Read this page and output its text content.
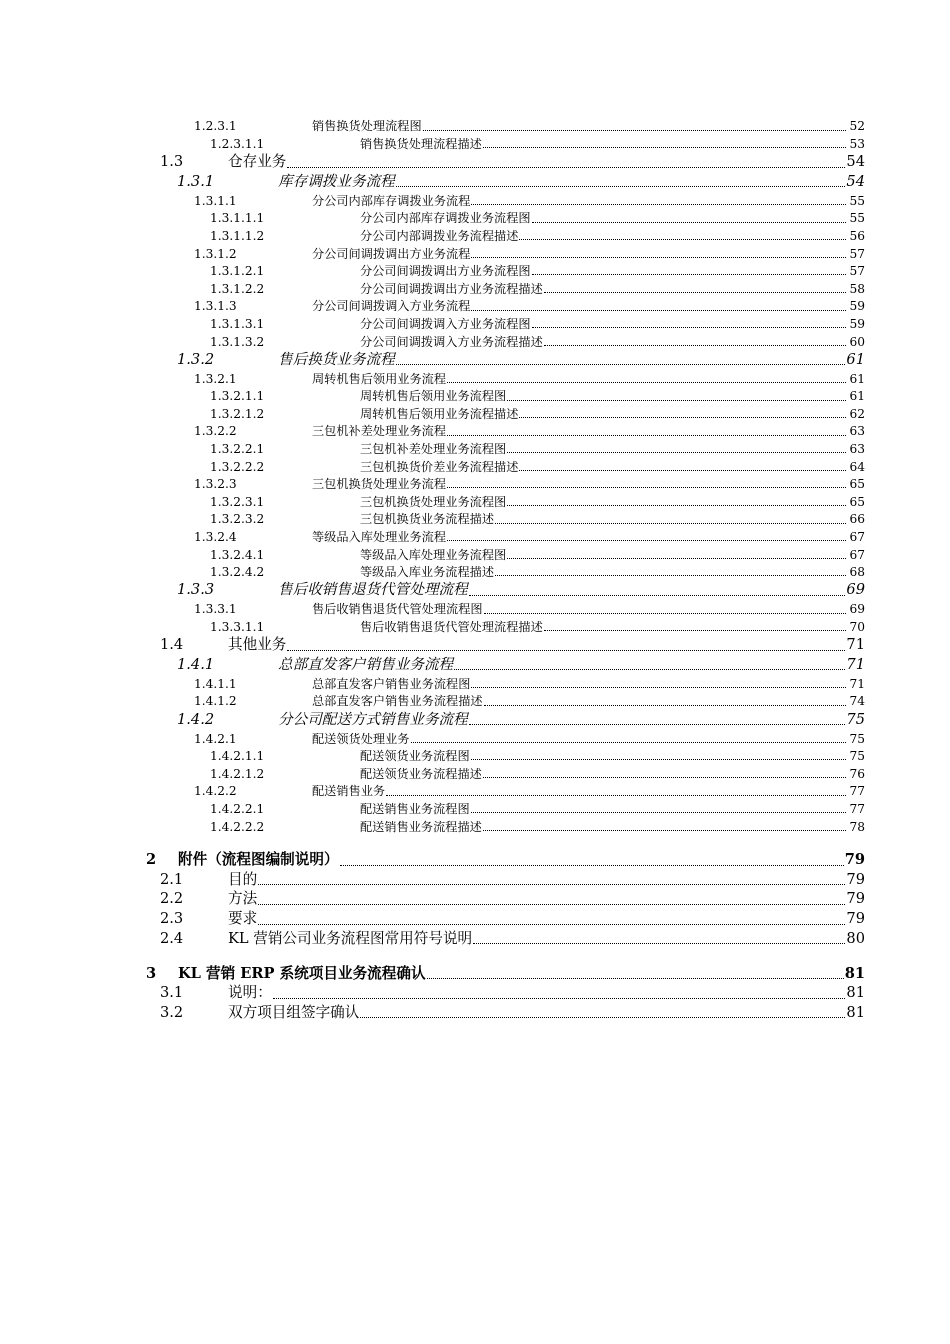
1.2.3.1	销售换货处理流程图	52
1.2.3.1.1	销售换货处理流程描述	53
1.3	仓存业务	54
1.3.1	库存调拨业务流程	54
1.3.1.1	分公司内部库存调拨业务流程	55
1.3.1.1.1	分公司内部库存调拨业务流程图	55
1.3.1.1.2	分公司内部调拨业务流程描述	56
1.3.1.2	分公司间调拨调出方业务流程	57
1.3.1.2.1	分公司间调拨调出方业务流程图	57
1.3.1.2.2	分公司间调拨调出方业务流程描述	58
1.3.1.3	分公司间调拨调入方业务流程	59
1.3.1.3.1	分公司间调拨调入方业务流程图	59
1.3.1.3.2	分公司间调拨调入方业务流程描述	60
1.3.2	售后换货业务流程	61
1.3.2.1	周转机售后领用业务流程	61
1.3.2.1.1	周转机售后领用业务流程图	61
1.3.2.1.2	周转机售后领用业务流程描述	62
1.3.2.2	三包机补差处理业务流程	63
1.3.2.2.1	三包机补差处理业务流程图	63
1.3.2.2.2	三包机换货价差业务流程描述	64
1.3.2.3	三包机换货处理业务流程	65
1.3.2.3.1	三包机换货处理业务流程图	65
1.3.2.3.2	三包机换货业务流程描述	66
1.3.2.4	等级品入库处理业务流程	67
1.3.2.4.1	等级品入库处理业务流程图	67
1.3.2.4.2	等级品入库业务流程描述	68
1.3.3	售后收销售退货代管处理流程	69
1.3.3.1	售后收销售退货代管处理流程图	69
1.3.3.1.1	售后收销售退货代管处理流程描述	70
1.4	其他业务	71
1.4.1	总部直发客户销售业务流程	71
1.4.1.1	总部直发客户销售业务流程图	71
1.4.1.2	总部直发客户销售业务流程描述	74
1.4.2	分公司配送方式销售业务流程	75
1.4.2.1	配送领货处理业务	75
1.4.2.1.1	配送领货业务流程图	75
1.4.2.1.2	配送领货业务流程描述	76
1.4.2.2	配送销售业务	77
1.4.2.2.1	配送销售业务流程图	77
1.4.2.2.2	配送销售业务流程描述	78
2 附件（流程图编制说明）	79
2.1	目的	79
2.2	方法	79
2.3	要求	79
2.4	KL 营销公司业务流程图常用符号说明	80
3 KL 营销 ERP 系统项目业务流程确认	81
3.1	说明：	81
3.2	双方项目组签字确认	81
